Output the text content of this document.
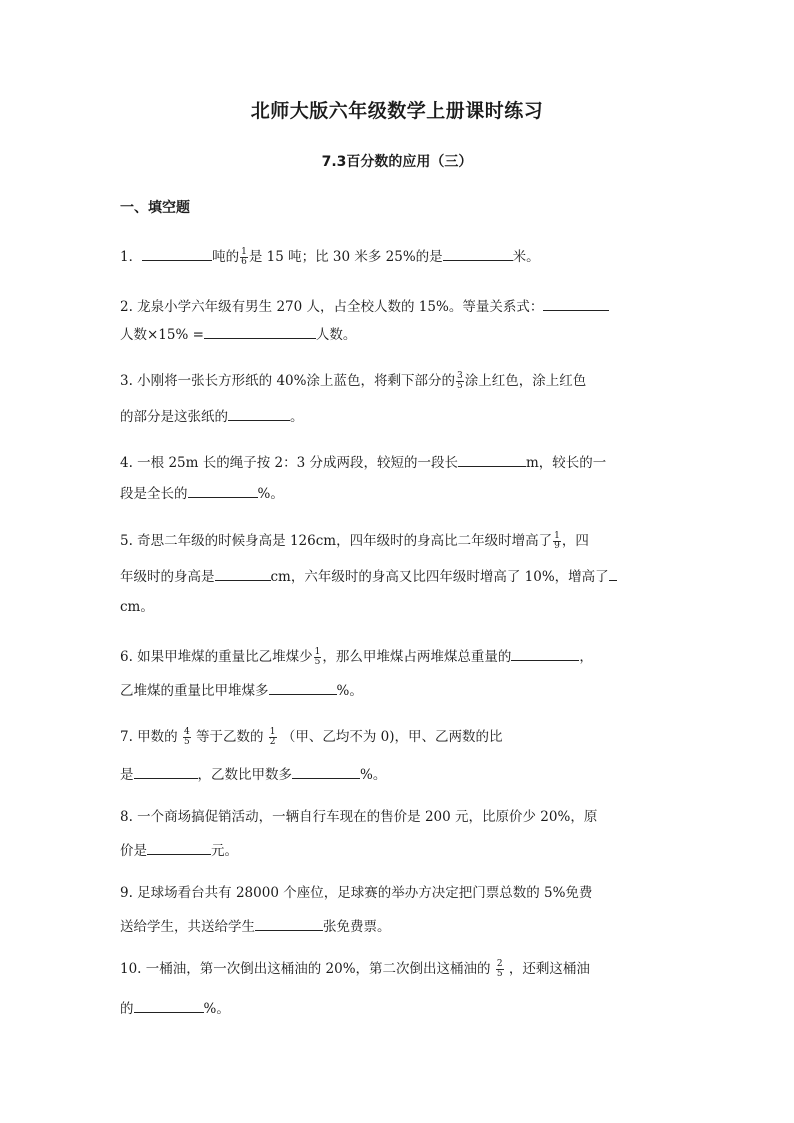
北师大版六年级数学上册课时练习
7.3百分数的应用（三）
一、填空题
1．	吨的 $\frac{1}{6}$ 是 15 吨；比 30 米多 25%的是	米。
2. 龙泉小学六年级有男生 270 人，占全校人数的 15%。等量关系式：
人数×15% =	人数。
3. 小刚将一张长方形纸的 40%涂上蓝色，将剩下部分的 $\frac{3}{5}$ 涂上红色，涂上红色
的部分是这张纸的	。
4. 一根 25m 长的绳子按 2：3 分成两段，较短的一段长	m，较长的一
段是全长的	%。
5. 奇思二年级的时候身高是 126cm，四年级时的身高比二年级时增高了 $\frac{1}{9}$ ，四
年级时的身高是	cm，六年级时的身高又比四年级时增高了 10%，增高了
cm。
6. 如果甲堆煤的重量比乙堆煤少 $\frac{1}{5}$ ，那么甲堆煤占两堆煤总重量的	，
乙堆煤的重量比甲堆煤多	%。
7. 甲数的 $\frac{4}{5}$ 等于乙数的 $\frac{1}{2}$ （甲、乙均不为 0)，甲、乙两数的比
是	，乙数比甲数多	%。
8. 一个商场搞促销活动，一辆自行车现在的售价是 200 元，比原价少 20%，原
价是	元。
9. 足球场看台共有 28000 个座位，足球赛的举办方决定把门票总数的 5%免费
送给学生，共送给学生	张免费票。
10. 一桶油，第一次倒出这桶油的 20%，第二次倒出这桶油的 $\frac{2}{5}$ ，还剩这桶油
的	%。
